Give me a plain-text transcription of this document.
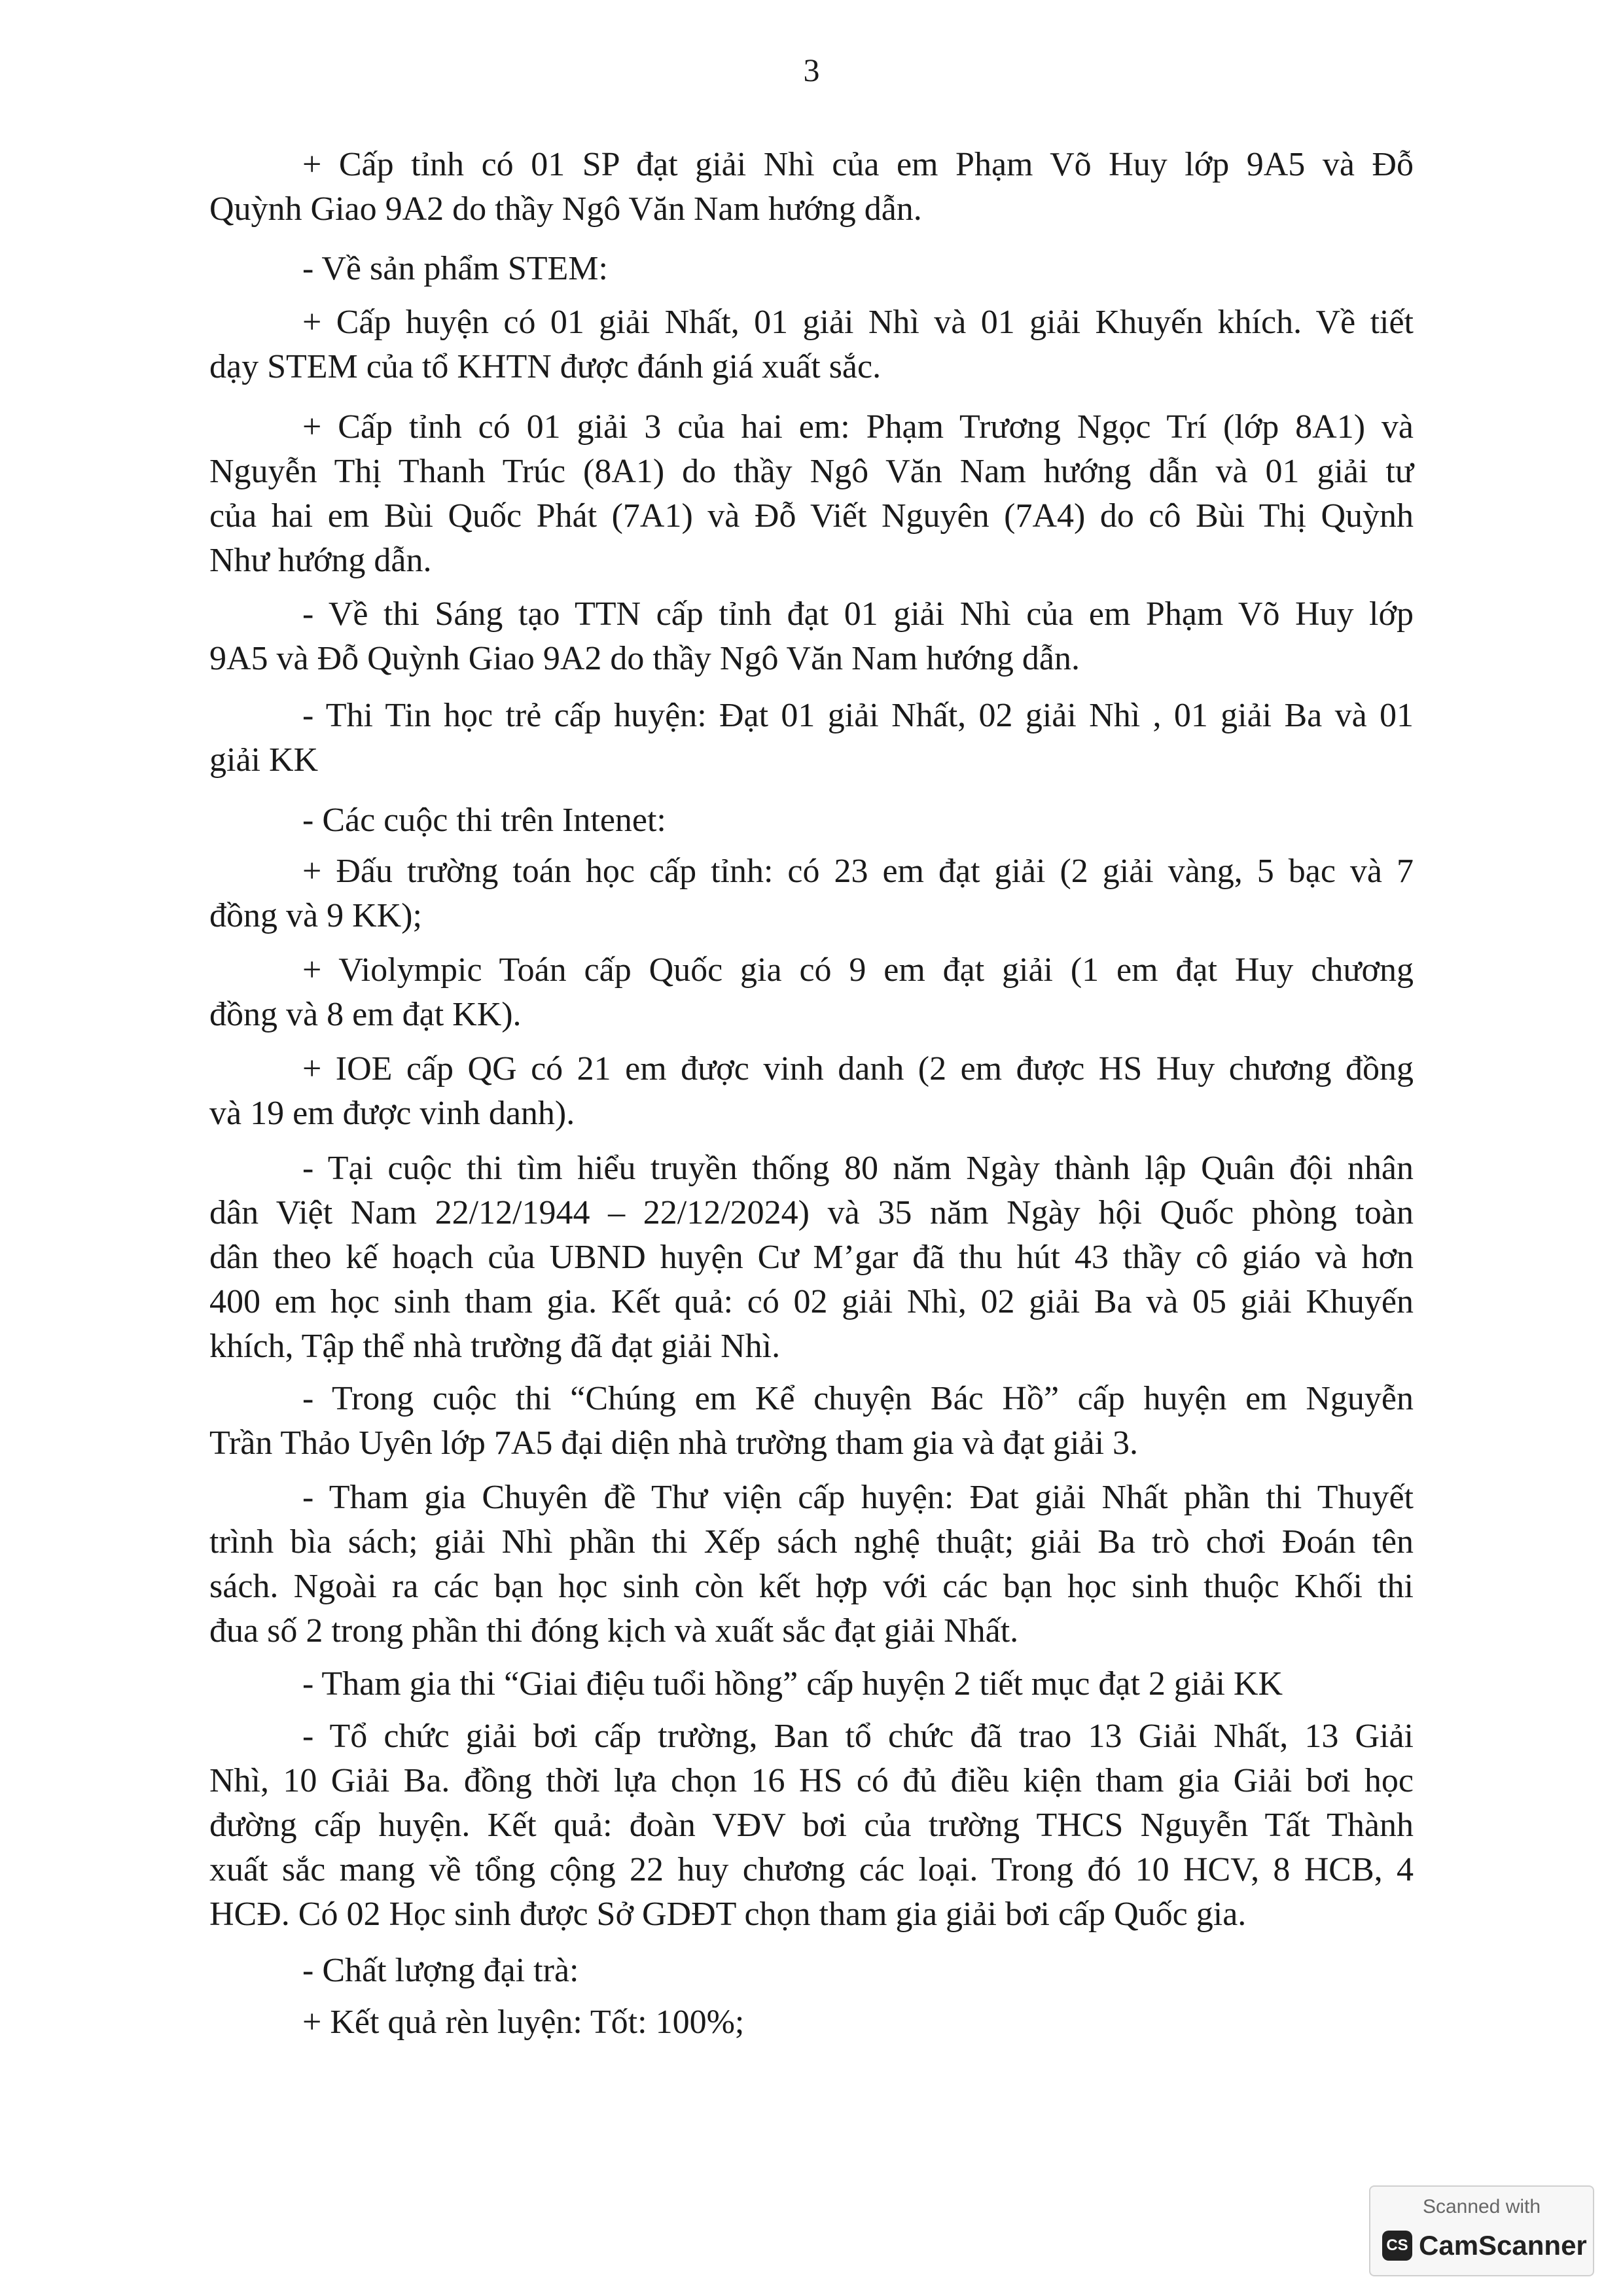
3
+ Cấp tỉnh có 01 SP đạt giải Nhì của em Phạm Võ Huy lớp 9A5 và Đỗ
Quỳnh Giao 9A2 do thầy Ngô Văn Nam hướng dẫn.
- Về sản phẩm STEM:
+ Cấp huyện có 01 giải Nhất, 01 giải Nhì và 01 giải Khuyến khích. Về tiết
dạy STEM của tổ KHTN được đánh giá xuất sắc.
+ Cấp tỉnh có 01 giải 3 của hai em: Phạm Trương Ngọc Trí (lớp 8A1) và
Nguyễn Thị Thanh Trúc (8A1) do thầy Ngô Văn Nam hướng dẫn và 01 giải tư
của hai em Bùi Quốc Phát (7A1) và Đỗ Viết Nguyên (7A4) do cô Bùi Thị Quỳnh
Như hướng dẫn.
- Về thi Sáng tạo TTN cấp tỉnh đạt 01 giải Nhì của em Phạm Võ Huy lớp
9A5 và Đỗ Quỳnh Giao 9A2 do thầy Ngô Văn Nam hướng dẫn.
- Thi Tin học trẻ cấp huyện: Đạt 01 giải Nhất, 02 giải Nhì , 01 giải Ba và 01
giải KK
- Các cuộc thi trên Intenet:
+ Đấu trường toán học cấp tỉnh: có 23 em đạt giải (2 giải vàng, 5 bạc và 7
đồng và 9 KK);
+ Violympic Toán cấp Quốc gia có 9 em đạt giải (1 em đạt Huy chương
đồng và 8 em đạt KK).
+ IOE cấp QG có 21 em được vinh danh (2 em được HS Huy chương đồng
và 19 em được vinh danh).
- Tại cuộc thi tìm hiểu truyền thống 80 năm Ngày thành lập Quân đội nhân
dân Việt Nam 22/12/1944 – 22/12/2024) và 35 năm Ngày hội Quốc phòng toàn
dân theo kế hoạch của UBND huyện Cư M’gar đã thu hút 43 thầy cô giáo và hơn
400 em học sinh tham gia. Kết quả: có 02 giải Nhì, 02 giải Ba và 05 giải Khuyến
khích, Tập thể nhà trường đã đạt giải Nhì.
- Trong cuộc thi “Chúng em Kể chuyện Bác Hồ” cấp huyện em Nguyễn
Trần Thảo Uyên lớp 7A5 đại diện nhà trường tham gia và đạt giải 3.
- Tham gia Chuyên đề Thư viện cấp huyện: Đat giải Nhất phần thi Thuyết
trình bìa sách; giải Nhì phần thi Xếp sách nghệ thuật; giải Ba trò chơi Đoán tên
sách. Ngoài ra các bạn học sinh còn kết hợp với các bạn học sinh thuộc Khối thi
đua số 2 trong phần thi đóng kịch và xuất sắc đạt giải Nhất.
- Tham gia thi “Giai điệu tuổi hồng” cấp huyện 2 tiết mục đạt 2 giải KK
- Tổ chức giải bơi cấp trường, Ban tổ chức đã trao 13 Giải Nhất, 13 Giải
Nhì, 10 Giải Ba. đồng thời lựa chọn 16 HS có đủ điều kiện tham gia Giải bơi học
đường cấp huyện. Kết quả: đoàn VĐV bơi của trường THCS Nguyễn Tất Thành
xuất sắc mang về tổng cộng 22 huy chương các loại. Trong đó 10 HCV, 8 HCB, 4
HCĐ. Có 02 Học sinh được Sở GDĐT chọn tham gia giải bơi cấp Quốc gia.
- Chất lượng đại trà:
+ Kết quả rèn luyện: Tốt: 100%;
Scanned with
CS CamScanner
